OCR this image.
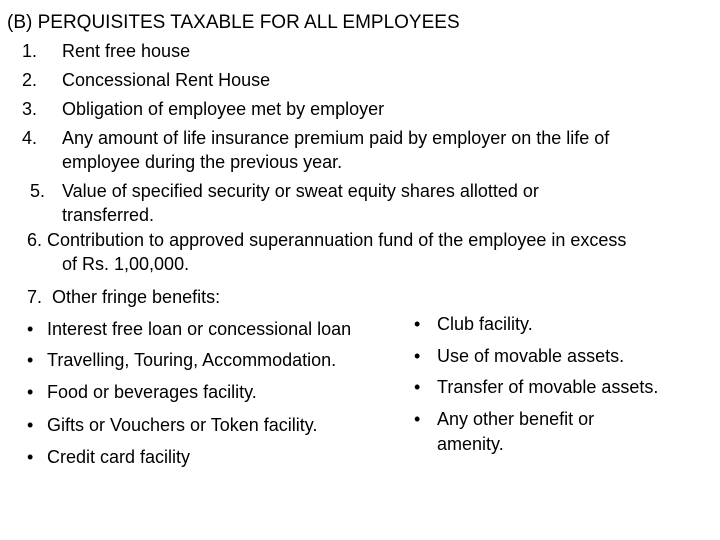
(B) PERQUISITES TAXABLE FOR ALL EMPLOYEES
1. Rent free house
2. Concessional Rent House
3. Obligation of employee met by employer
4. Any amount of life insurance premium paid by employer on the life of
employee during the previous year.
5. Value of specified security or sweat equity shares allotted or
transferred.
6. Contribution to approved superannuation fund of the employee in excess
of Rs. 1,00,000.
7. Other fringe benefits:
• Interest free loan or concessional loan
• Travelling, Touring, Accommodation.
• Food or beverages facility.
• Gifts or Vouchers or Token facility.
• Credit card facility
• Club facility.
• Use of movable assets.
• Transfer of movable assets.
• Any other benefit or
amenity.
